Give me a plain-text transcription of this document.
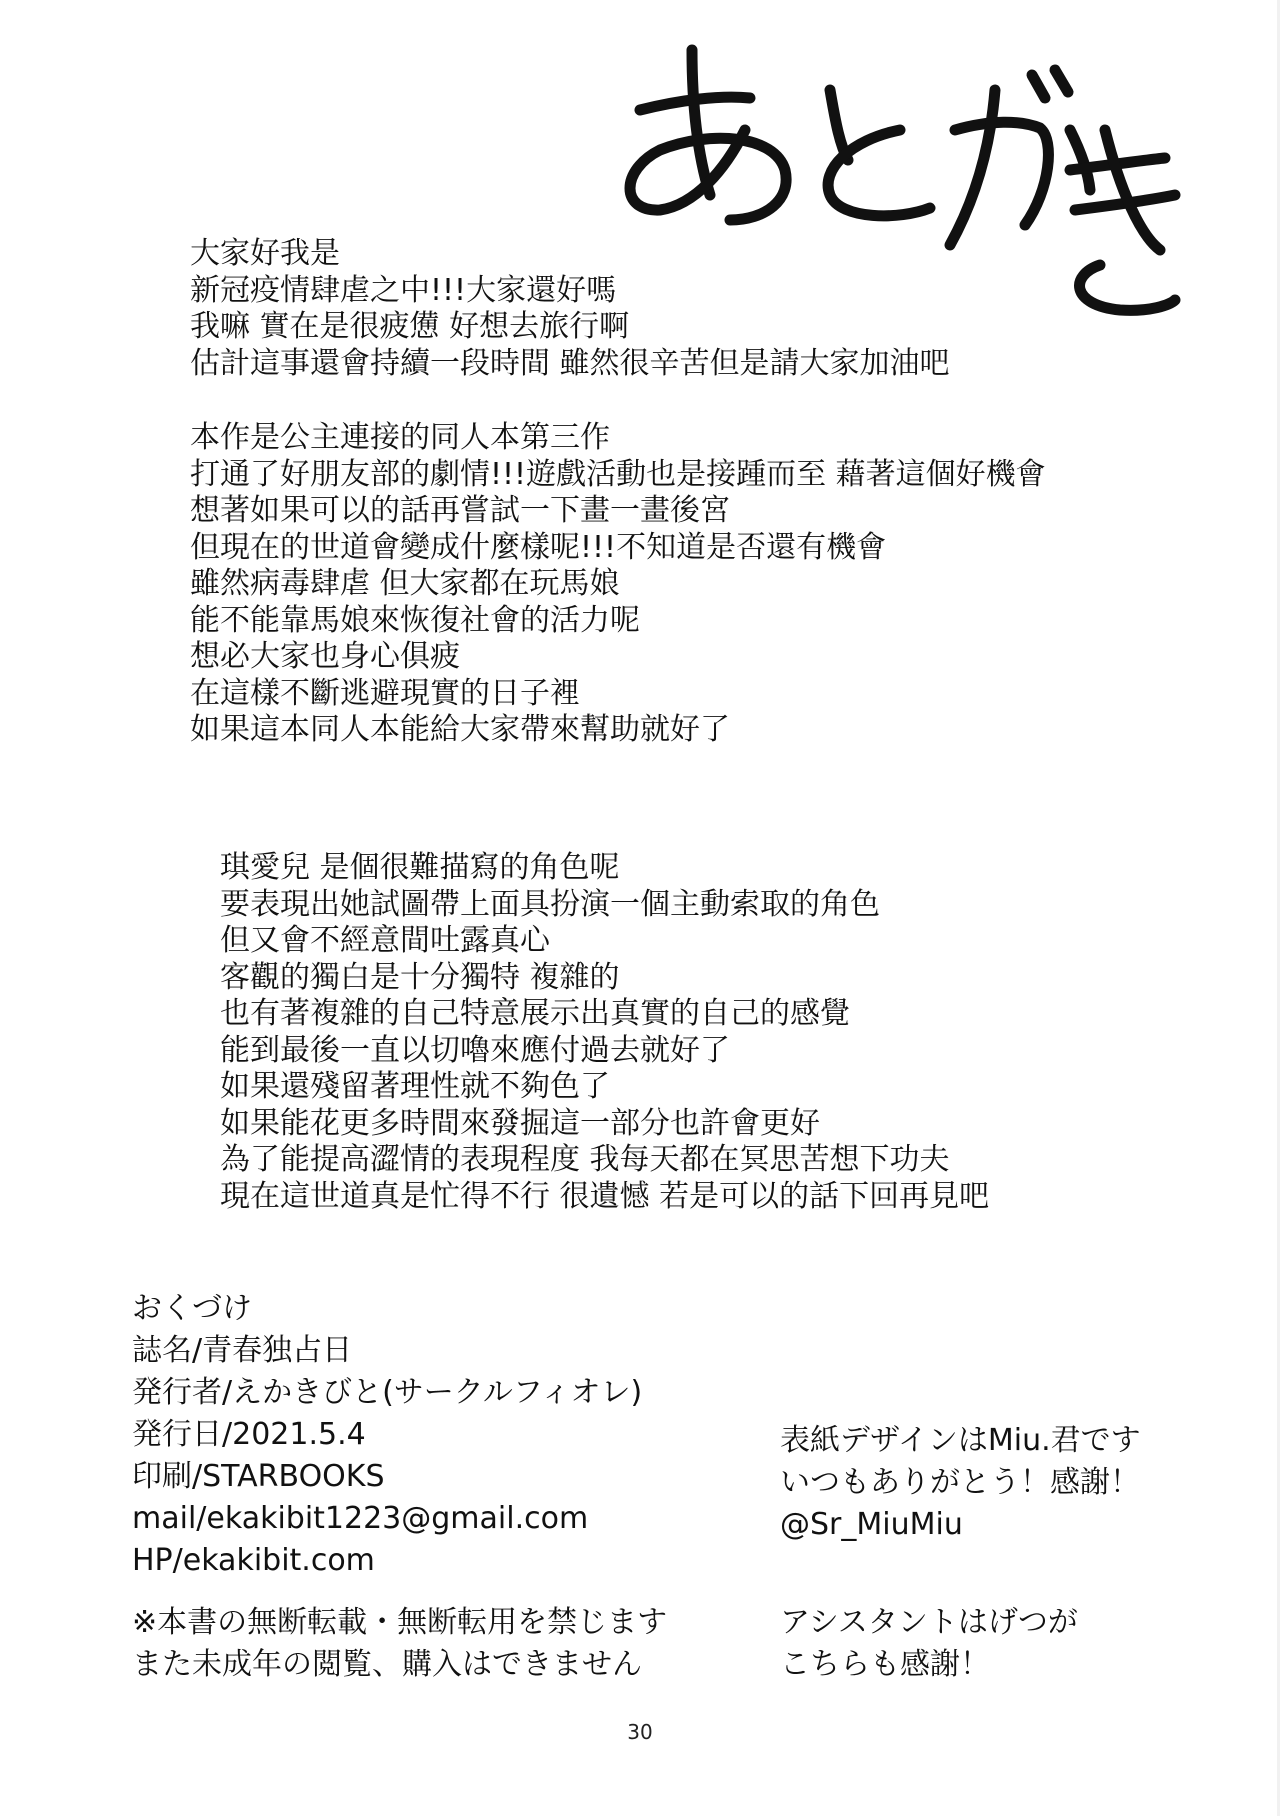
大家好我是
新冠疫情肆虐之中!!!大家還好嗎
我嘛 實在是很疲憊 好想去旅行啊
估計這事還會持續一段時間 雖然很辛苦但是請大家加油吧
本作是公主連接的同人本第三作
打通了好朋友部的劇情!!!遊戲活動也是接踵而至 藉著這個好機會
想著如果可以的話再嘗試一下畫一畫後宮
但現在的世道會變成什麼樣呢!!!不知道是否還有機會
雖然病毒肆虐 但大家都在玩馬娘
能不能靠馬娘來恢復社會的活力呢
想必大家也身心俱疲
在這樣不斷逃避現實的日子裡
如果這本同人本能給大家帶來幫助就好了
琪愛兒 是個很難描寫的角色呢
要表現出她試圖帶上面具扮演一個主動索取的角色
但又會不經意間吐露真心
客觀的獨白是十分獨特 複雜的
也有著複雜的自己特意展示出真實的自己的感覺
能到最後一直以切嚕來應付過去就好了
如果還殘留著理性就不夠色了
如果能花更多時間來發掘這一部分也許會更好
為了能提高澀情的表現程度 我每天都在冥思苦想下功夫
現在這世道真是忙得不行 很遺憾 若是可以的話下回再見吧
おくづけ
誌名/青春独占日
発行者/えかきびと(サークルフィオレ)
発行日/2021.5.4
印刷/STARBOOKS
mail/ekakibit1223@gmail.com
HP/ekakibit.com
※本書の無断転載・無断転用を禁じます
また未成年の閲覧、購入はできません
表紙デザインはMiu.君です
いつもありがとう！感謝！
@Sr_MiuMiu
アシスタントはげつが
こちらも感謝！
30
